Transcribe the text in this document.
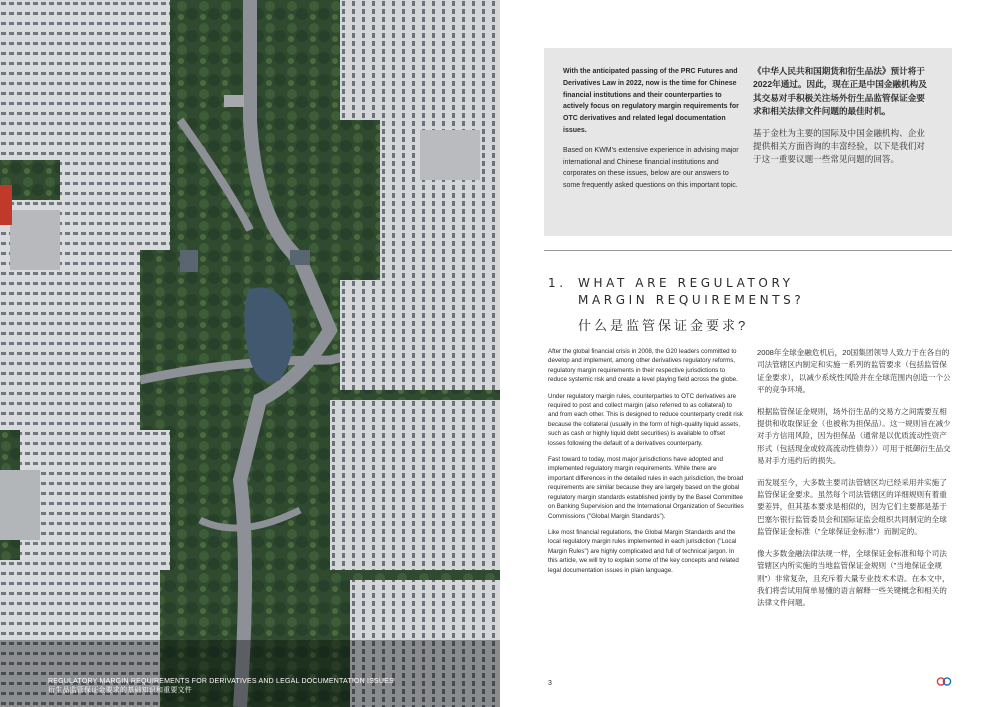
REGULATORY MARGIN REQUIREMENTS FOR DERIVATIVES AND LEGAL DOCUMENTATION ISSUES
衍生品监管保证金要求的基础知识和重要文件

With the anticipated passing of the PRC Futures and Derivatives Law in 2022, now is the time for Chinese financial institutions and their counterparties to actively focus on regulatory margin requirements for OTC derivatives and related legal documentation issues.

Based on KWM's extensive experience in advising major international and Chinese financial institutions and corporates on these issues, below are our answers to some frequently asked questions on this important topic.

《中华人民共和国期货和衍生品法》预计将于2022年通过。因此，现在正是中国金融机构及其交易对手积极关注场外衍生品监管保证金要求和相关法律文件问题的最佳时机。

基于金杜为主要的国际及中国金融机构、企业提供相关方面咨询的丰富经验，以下是我们对于这一重要议题一些常见问题的回答。

1. WHAT ARE REGULATORY
MARGIN REQUIREMENTS?
什么是监管保证金要求?

After the global financial crisis in 2008, the G20 leaders committed to develop and implement, among other derivatives regulatory reforms, regulatory margin requirements in their respective jurisdictions to reduce systemic risk and create a level playing field across the globe.

Under regulatory margin rules, counterparties to OTC derivatives are required to post and collect margin (also referred to as collateral) to and from each other. This is designed to reduce counterparty credit risk because the collateral (usually in the form of high-quality liquid assets, such as cash or highly liquid debt securities) is available to offset losses following the default of a derivatives counterparty.

Fast toward to today, most major jurisdictions have adopted and implemented regulatory margin requirements. While there are important differences in the detailed rules in each jurisdiction, the broad requirements are similar because they are largely based on the global regulatory margin standards established jointly by the Basel Committee on Banking Supervision and the International Organization of Securities Commissions ("Global Margin Standards").

Like most financial regulations, the Global Margin Standards and the local regulatory margin rules implemented in each jurisdiction ("Local Margin Rules") are highly complicated and full of technical jargon. In this article, we will try to explain some of the key concepts and related legal documentation issues in plain language.

2008年全球金融危机后，20国集团领导人致力于在各自的司法管辖区内制定和实施一系列的监管要求（包括监管保证金要求），以减少系统性风险并在全球范围内创造一个公平的竞争环境。

根据监管保证金规则，场外衍生品的交易方之间需要互相提供和收取保证金（也被称为担保品）。这一规则旨在减少对手方信用风险，因为担保品（通常是以优质流动性资产形式（包括现金或较高流动性债券））可用于抵御衍生品交易对手方违约后的损失。

而发展至今，大多数主要司法管辖区均已经采用并实施了监管保证金要求。虽然每个司法管辖区的详细规则有着重要差异，但其基本要求是相似的，因为它们主要都是基于巴塞尔银行监管委员会和国际证监会组织共同制定的全球监管保证金标准（"全球保证金标准"）而制定的。

像大多数金融法律法规一样，全球保证金标准和每个司法管辖区内所实施的当地监管保证金规则（"当地保证金规则"）非常复杂，且充斥着大量专业技术术语。在本文中，我们将尝试用简单易懂的语言解释一些关键概念和相关的法律文件问题。

3
